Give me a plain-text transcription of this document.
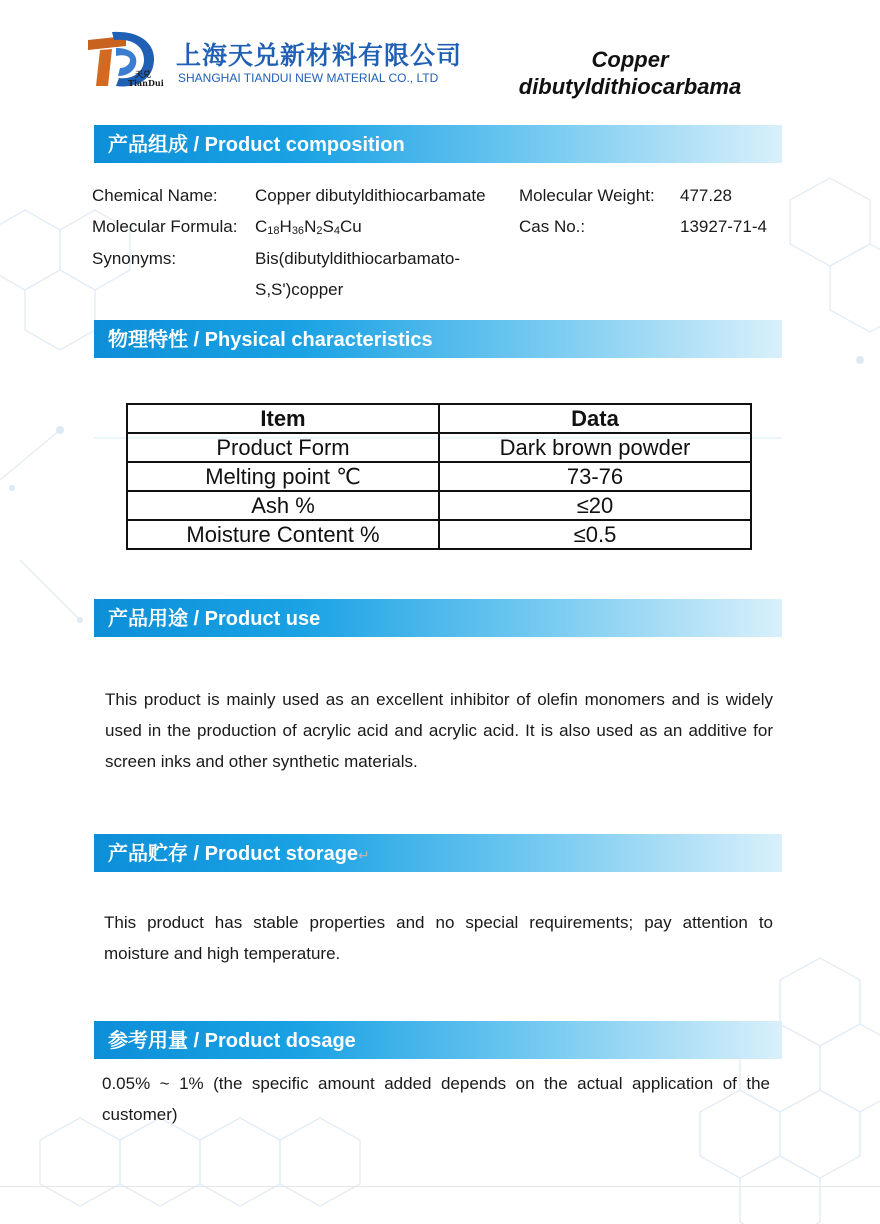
天兑
TianDui
上海天兑新材料有限公司
SHANGHAI TIANDUI NEW MATERIAL CO., LTD
Copper
dibutyldithiocarbama
产品组成 / Product composition
Chemical Name: Copper dibutyldithiocarbamate Molecular Weight: 477.28
Molecular Formula: $C_{18}H_{36}N_2S_4Cu$	Cas No.:	13927-71-4
Synonyms:	Bis(dibutyldithiocarbamato-
S,S')copper
物理特性 / Physical characteristics
Item	Data
Product Form	Dark brown powder
Melting point ℃	73-76
Ash %	≤20
Moisture Content %	≤0.5
产品用途 / Product use
This product is mainly used as an excellent inhibitor of olefin monomers and is widely used in the production of acrylic acid and acrylic acid. It is also used as an additive for screen inks and other synthetic materials.
产品贮存 / Product storage↵
This product has stable properties and no special requirements; pay attention to moisture and high temperature.
参考用量 / Product dosage
0.05% ~ 1% (the specific amount added depends on the actual application of the customer)
